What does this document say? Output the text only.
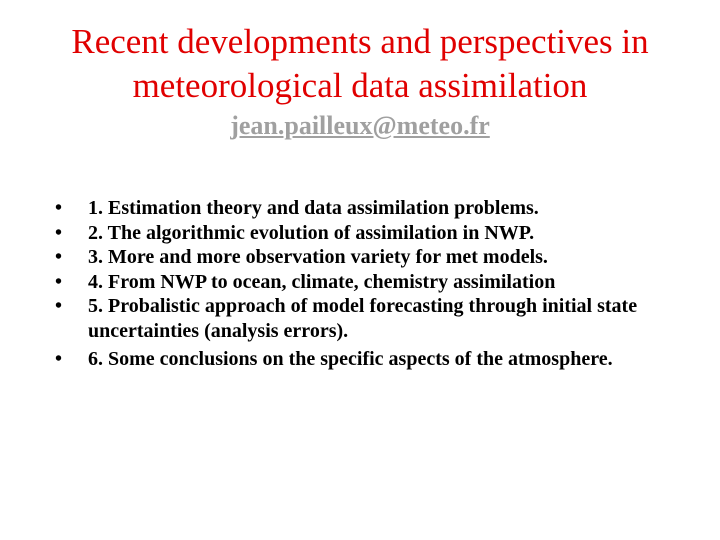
Recent developments and perspectives in
meteorological data assimilation
jean.pailleux@meteo.fr
• 1. Estimation theory and data assimilation problems.
• 2. The algorithmic evolution of assimilation in NWP.
• 3. More and more observation variety for met models.
• 4. From NWP to ocean, climate, chemistry assimilation
• 5. Probalistic approach of model forecasting through initial state uncertainties (analysis errors).
• 6. Some conclusions on the specific aspects of the atmosphere.
